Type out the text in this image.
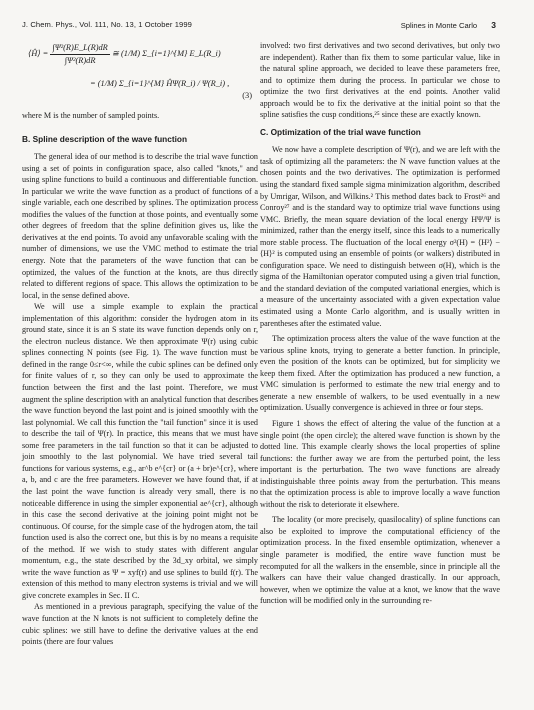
J. Chem. Phys., Vol. 111, No. 13, 1 October 1999	Splines in Monte Carlo 3
⟨Ĥ⟩ = $\frac{\text{∫Ψ²(R)E\_L(R)dR}}{\text{∫Ψ²(R)dR}}$ ≅ (1/M) Σ_{i=1}^{M} E_L(R_i)
= (1/M) Σ_{i=1}^{M} ĤΨ(R_i) / Ψ(R_i) ,
(3)

where M is the number of sampled points.

B. Spline description of the wave function

The general idea of our method is to describe the trial wave function using a set of points in configuration space, also called "knots," and using spline functions to build a continuous and differentiable function. In particular we write the wave function as a product of functions of a single variable, each one described by splines. The optimization process modifies the values of the function at those points, and eventually some other degrees of freedom that the spline definition gives us, like the derivatives at the end points. To avoid any unfavorable scaling with the number of dimensions, we use the VMC method to estimate the trial energy. Note that the parameters of the wave function that can be optimized, the values of the function at the knots, are thus directly related to different regions of space. This allows the optimization to be local, in the sense defined above.

We will use a simple example to explain the practical implementation of this algorithm: consider the hydrogen atom in its ground state, since it is an S state its wave function depends only on r, the electron nucleus distance. We then approximate Ψ(r) using cubic splines connecting N points (see Fig. 1). The wave function must be defined in the range 0≤r<∞, while the cubic splines can be defined only for finite values of r, so they can only be used to approximate the function between the first and the last point. Therefore, we must augment the spline description with an analytical function that describes the wave function beyond the last point and is joined smoothly with the last polynomial. We call this function the "tail function" since it is used to describe the tail of Ψ(r). In practice, this means that we must have some free parameters in the tail function so that it can be adjusted to join smoothly to the last polynomial. We have tried several tail functions for various systems, e.g., ar^b e^{cr} or (a + br)e^{cr}, where a, b, and c are the free parameters. However we have found that, if at the last point the wave function is already very small, there is no noticeable difference in using the simpler exponential ae^{cr}, although in this case the second derivative at the joining point might not be continuous. Of course, for the simple case of the hydrogen atom, the tail function used is also the correct one, but this is by no means a requisite of the method. If we wish to study states with different angular momentum, e.g., the state described by the 3d_xy orbital, we simply write the wave function as Ψ = xyf(r) and use splines to build f(r). The extension of this method to many electron systems is trivial and we will give concrete examples in Sec. II C.

As mentioned in a previous paragraph, specifying the value of the wave function at the N knots is not sufficient to completely define the cubic splines: we still have to define the derivative values at the end points (there are four values

involved: two first derivatives and two second derivatives, but only two are independent). Rather than fix them to some particular value, like in the natural spline approach, we decided to leave these parameters free, and to optimize them during the process. In particular we chose to optimize the two first derivatives at the end points. Another valid approach would be to fix the derivative at the initial point so that the spline satisfies the cusp conditions,²⁵ since these are exactly known.

C. Optimization of the trial wave function

We now have a complete description of Ψ(r), and we are left with the task of optimizing all the parameters: the N wave function values at the chosen points and the two derivatives. The optimization is performed using the standard fixed sample sigma minimization algorithm, described by Umrigar, Wilson, and Wilkins.² This method dates back to Frost²⁶ and Conroy²⁷ and is the standard way to optimize trial wave functions using VMC. Briefly, the mean square deviation of the local energy HΨ/Ψ is minimized, rather than the energy itself, since this leads to a numerically more stable process. The fluctuation of the local energy σ²(H) = ⟨H²⟩ − ⟨H⟩² is computed using an ensemble of points (or walkers) distributed in configuration space. We need to distinguish between σ(H), which is the sigma of the Hamiltonian operator computed using a given trial function, and the standard deviation of the computed variational energies, which is a measure of the uncertainty associated with a given expectation value estimated using a Monte Carlo algorithm, and is usually written in parentheses after the estimated value.

The optimization process alters the value of the wave function at the various spline knots, trying to generate a better function. In principle, even the position of the knots can be optimized, but for simplicity we keep them fixed. After the optimization has produced a new function, a VMC simulation is performed to estimate the new trial energy and to generate a new ensemble of walkers, to be used eventually in a new optimization. Usually convergence is achieved in three or four steps.

Figure 1 shows the effect of altering the value of the function at a single point (the open circle); the altered wave function is shown by the dotted line. This example clearly shows the local properties of spline functions: the further away we are from the perturbed point, the less important is the perturbation. The two wave functions are already indistinguishable three points away from the perturbation. This means that the optimization process is able to improve locally a wave function without the risk to deteriorate it elsewhere.

The locality (or more precisely, quasilocality) of spline functions can also be exploited to improve the computational efficiency of the optimization process. In the fixed ensemble optimization, whenever a single parameter is modified, the entire wave function must be recomputed for all the walkers in the ensemble, since in principle all the walkers can have their value changed drastically. In our approach, however, when we optimize the value at a knot, we know that the wave function will be modified only in the surrounding re-
